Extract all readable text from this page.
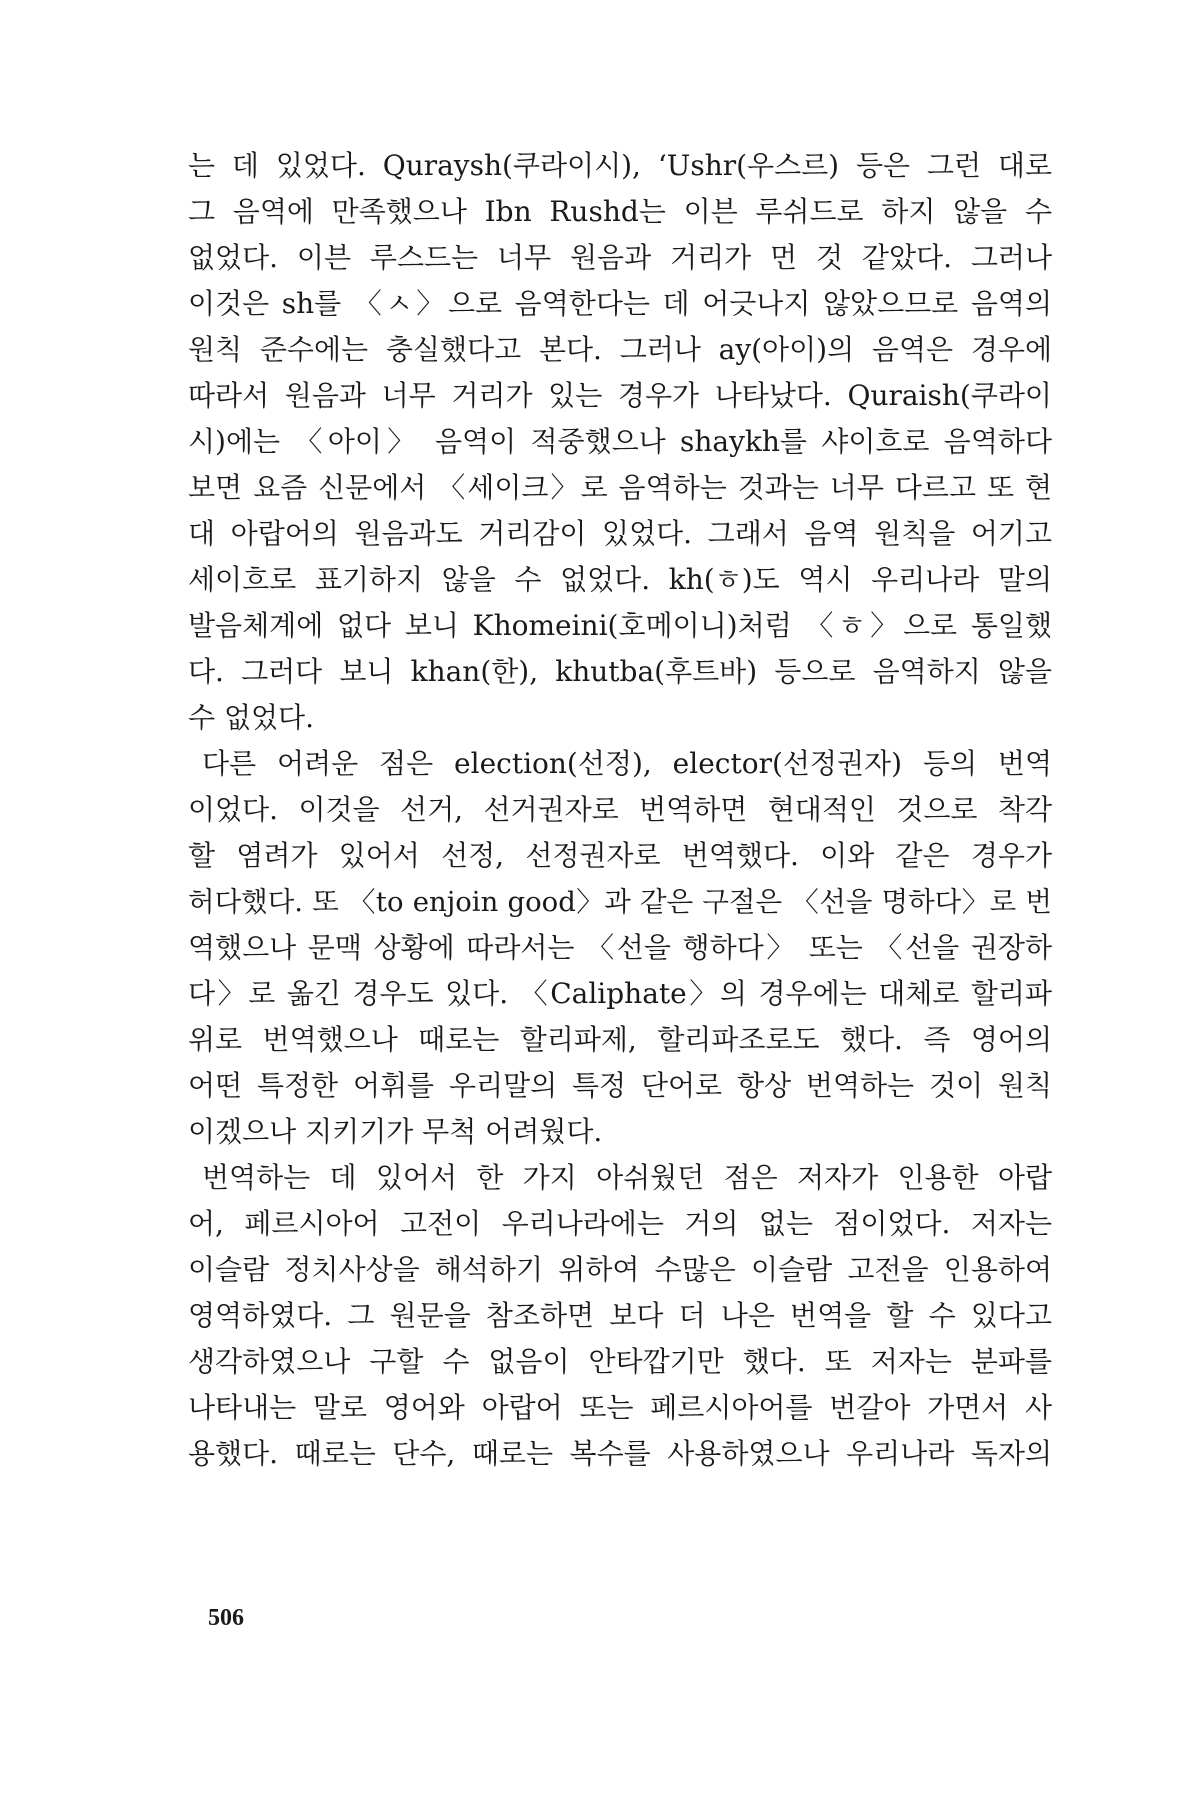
는 데 있었다. Quraysh(쿠라이시), ‘Ushr(우스르) 등은 그런 대로
그 음역에 만족했으나 Ibn Rushd는 이븐 루쉬드로 하지 않을 수
없었다. 이븐 루스드는 너무 원음과 거리가 먼 것 같았다. 그러나
이것은 sh를 〈ㅅ〉으로 음역한다는 데 어긋나지 않았으므로 음역의
원칙 준수에는 충실했다고 본다. 그러나 ay(아이)의 음역은 경우에
따라서 원음과 너무 거리가 있는 경우가 나타났다. Quraish(쿠라이
시)에는 〈아이〉 음역이 적중했으나 shaykh를 샤이흐로 음역하다
보면 요즘 신문에서 〈세이크〉로 음역하는 것과는 너무 다르고 또 현
대 아랍어의 원음과도 거리감이 있었다. 그래서 음역 원칙을 어기고
세이흐로 표기하지 않을 수 없었다. kh(ㅎ)도 역시 우리나라 말의
발음체계에 없다 보니 Khomeini(호메이니)처럼 〈ㅎ〉으로 통일했
다. 그러다 보니 khan(한), khutba(후트바) 등으로 음역하지 않을
수 없었다.
다른 어려운 점은 election(선정), elector(선정권자) 등의 번역
이었다. 이것을 선거, 선거권자로 번역하면 현대적인 것으로 착각
할 염려가 있어서 선정, 선정권자로 번역했다. 이와 같은 경우가
허다했다. 또 〈to enjoin good〉과 같은 구절은 〈선을 명하다〉로 번
역했으나 문맥 상황에 따라서는 〈선을 행하다〉 또는 〈선을 권장하
다〉로 옮긴 경우도 있다. 〈Caliphate〉의 경우에는 대체로 할리파
위로 번역했으나 때로는 할리파제, 할리파조로도 했다. 즉 영어의
어떤 특정한 어휘를 우리말의 특정 단어로 항상 번역하는 것이 원칙
이겠으나 지키기가 무척 어려웠다.
번역하는 데 있어서 한 가지 아쉬웠던 점은 저자가 인용한 아랍
어, 페르시아어 고전이 우리나라에는 거의 없는 점이었다. 저자는
이슬람 정치사상을 해석하기 위하여 수많은 이슬람 고전을 인용하여
영역하였다. 그 원문을 참조하면 보다 더 나은 번역을 할 수 있다고
생각하였으나 구할 수 없음이 안타깝기만 했다. 또 저자는 분파를
나타내는 말로 영어와 아랍어 또는 페르시아어를 번갈아 가면서 사
용했다. 때로는 단수, 때로는 복수를 사용하였으나 우리나라 독자의
506
